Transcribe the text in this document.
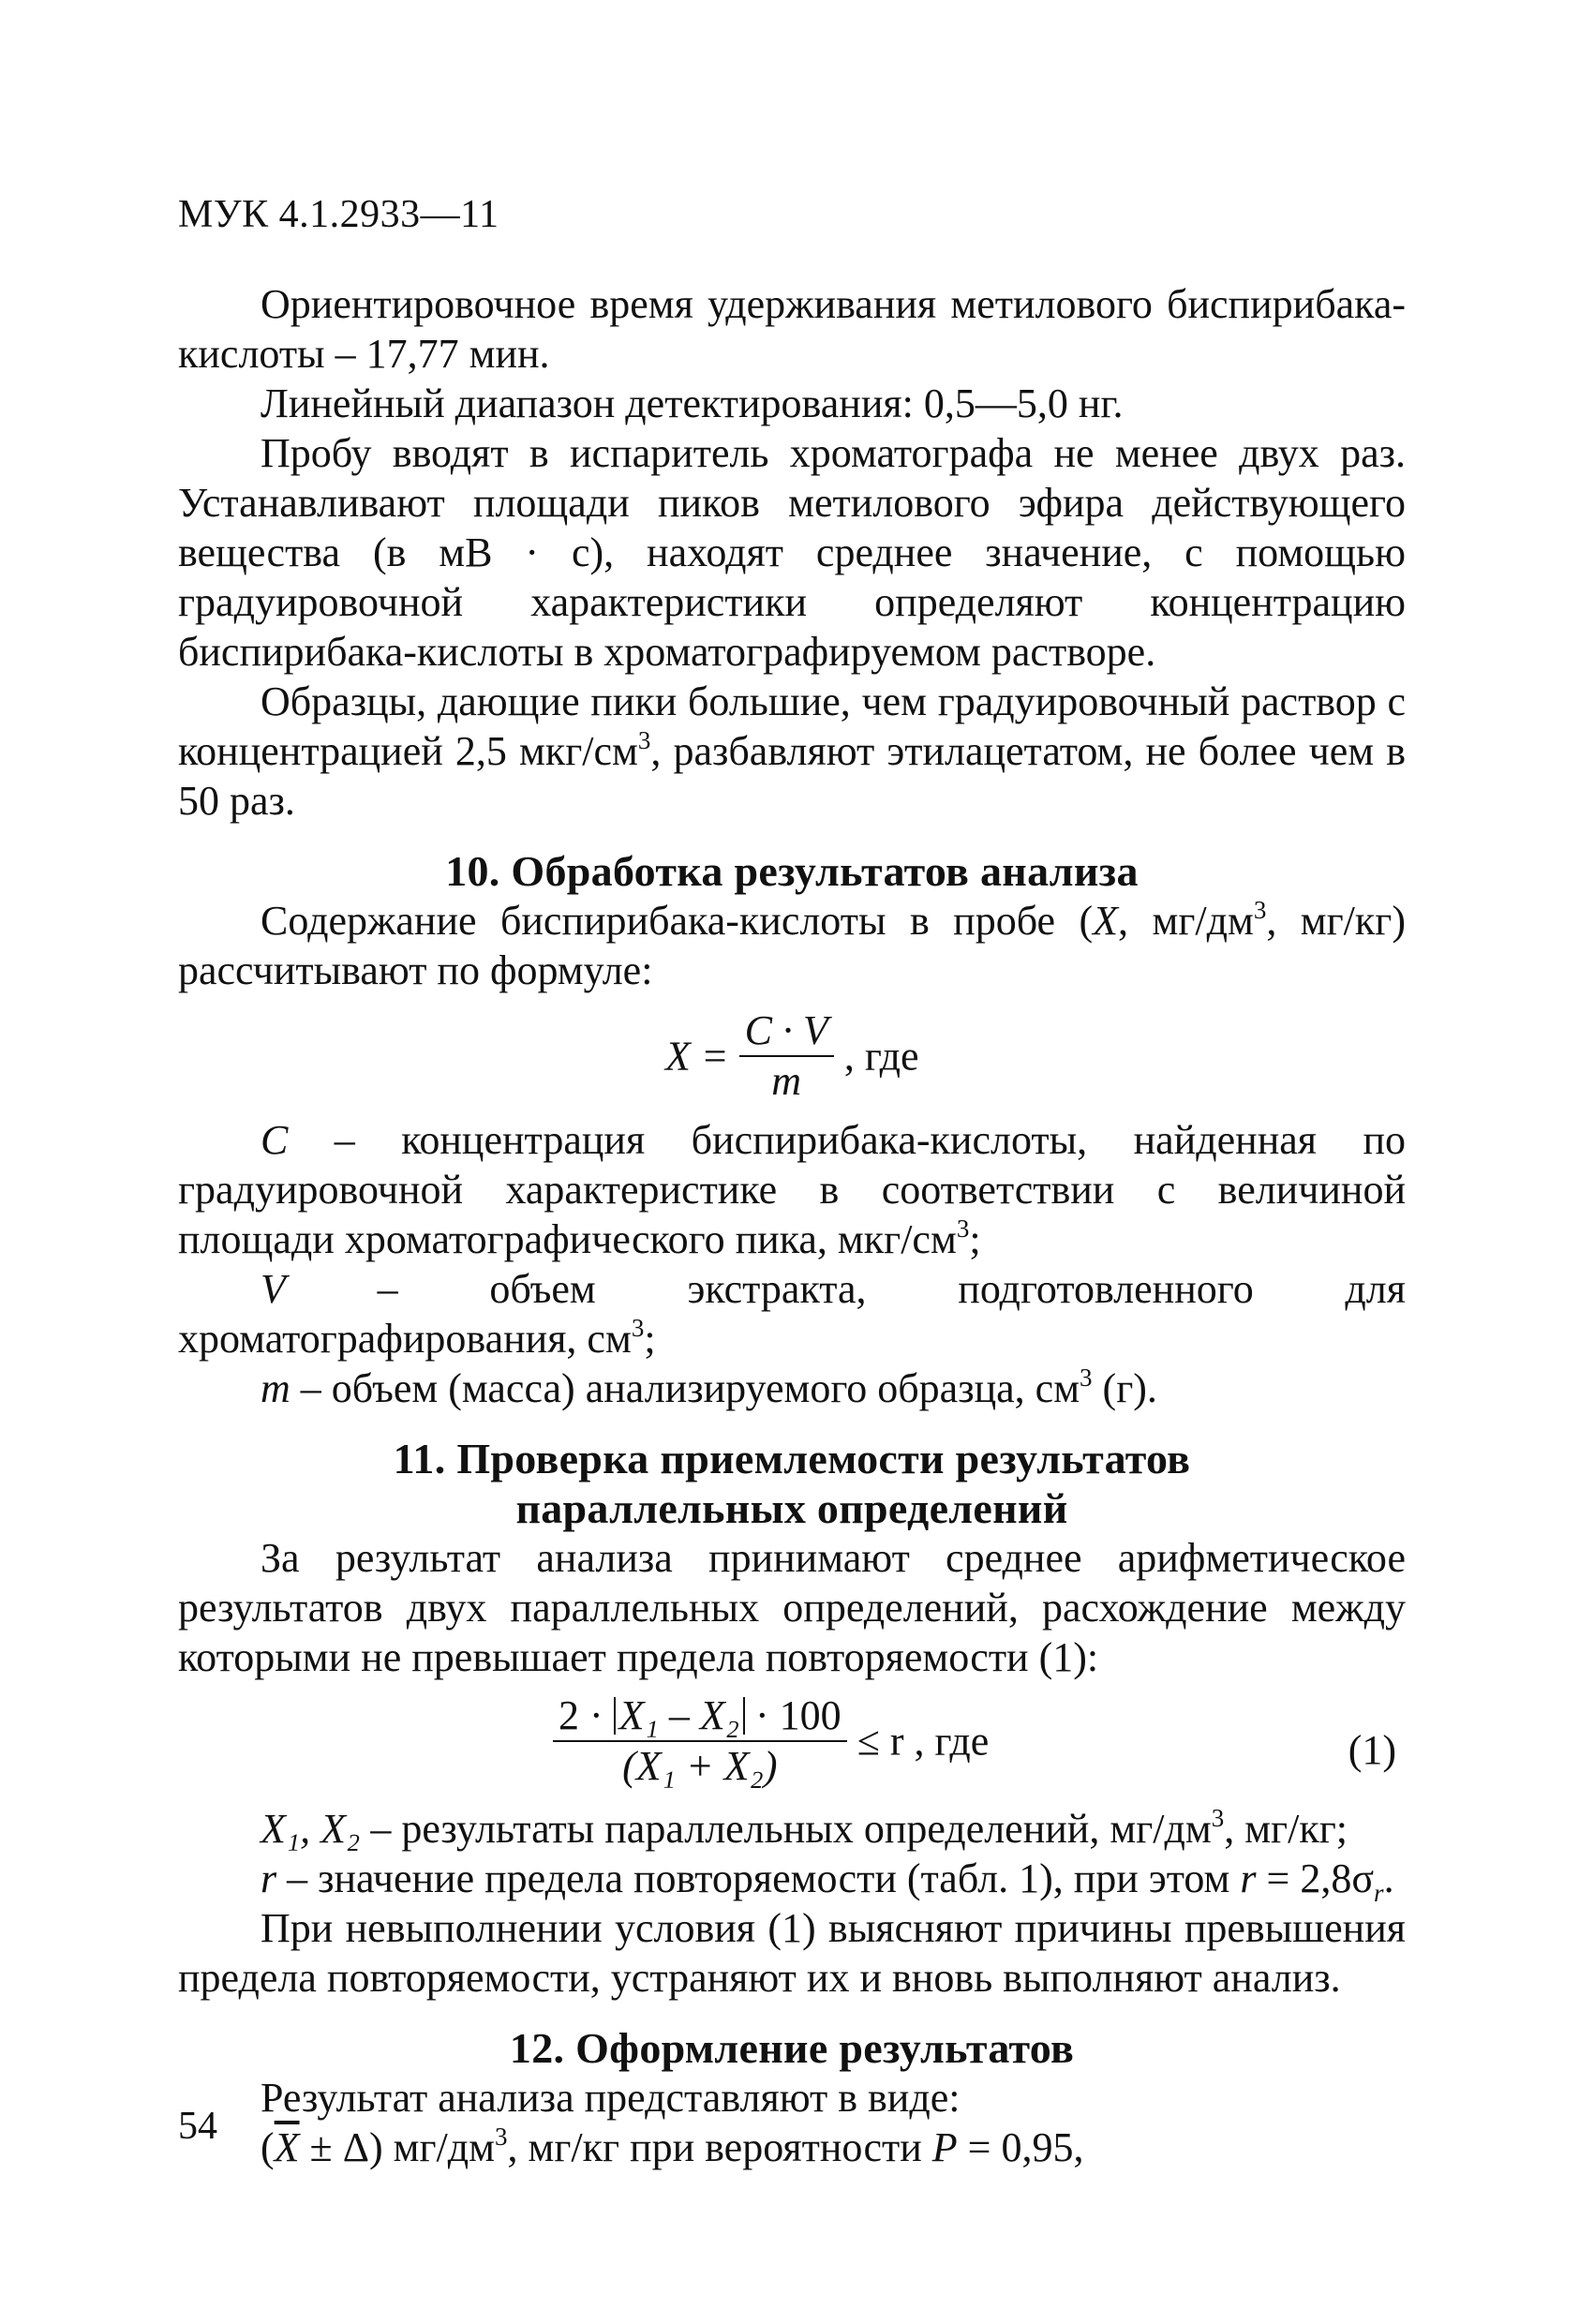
МУК 4.1.2933—11

Ориентировочное время удерживания метилового биспирибака-кислоты – 17,77 мин.

Линейный диапазон детектирования: 0,5—5,0 нг.

Пробу вводят в испаритель хроматографа не менее двух раз. Устанавливают площади пиков метилового эфира действующего вещества (в мВ · с), находят среднее значение, с помощью градуировочной характеристики определяют концентрацию биспирибака-кислоты в хроматографируемом растворе.

Образцы, дающие пики большие, чем градуировочный раствор с концентрацией 2,5 мкг/$см^3$, разбавляют этилацетатом, не более чем в 50 раз.

10. Обработка результатов анализа

Содержание биспирибака-кислоты в пробе (X, $мг/дм^3$, мг/кг) рассчитывают по формуле:

$X = \frac{C \cdot V}{m}$ , где

C – концентрация биспирибака-кислоты, найденная по градуировочной характеристике в соответствии с величиной площади хроматографического пика, мкг/$см^3$;

V – объем экстракта, подготовленного для хроматографирования, $см^3$;

m – объем (масса) анализируемого образца, $см^3$ (г).

11. Проверка приемлемости результатов
параллельных определений

За результат анализа принимают среднее арифметическое результатов двух параллельных определений, расхождение между которыми не превышает предела повторяемости (1):

$\frac{\text{2 · X₁ – X₂ · 100}}{\text{(X₁ + X₂)}} \le r$ , где	(1)

X₁, X₂ – результаты параллельных определений, $мг/дм^3$, мг/кг;

r – значение предела повторяемости (табл. 1), при этом $r = 2,8\sigma_r$.

При невыполнении условия (1) выясняют причины превышения предела повторяемости, устраняют их и вновь выполняют анализ.

12. Оформление результатов

Результат анализа представляют в виде:

$(\overline{X} \pm \Delta)$ $мг/дм^3$, мг/кг при вероятности P = 0,95,

54
